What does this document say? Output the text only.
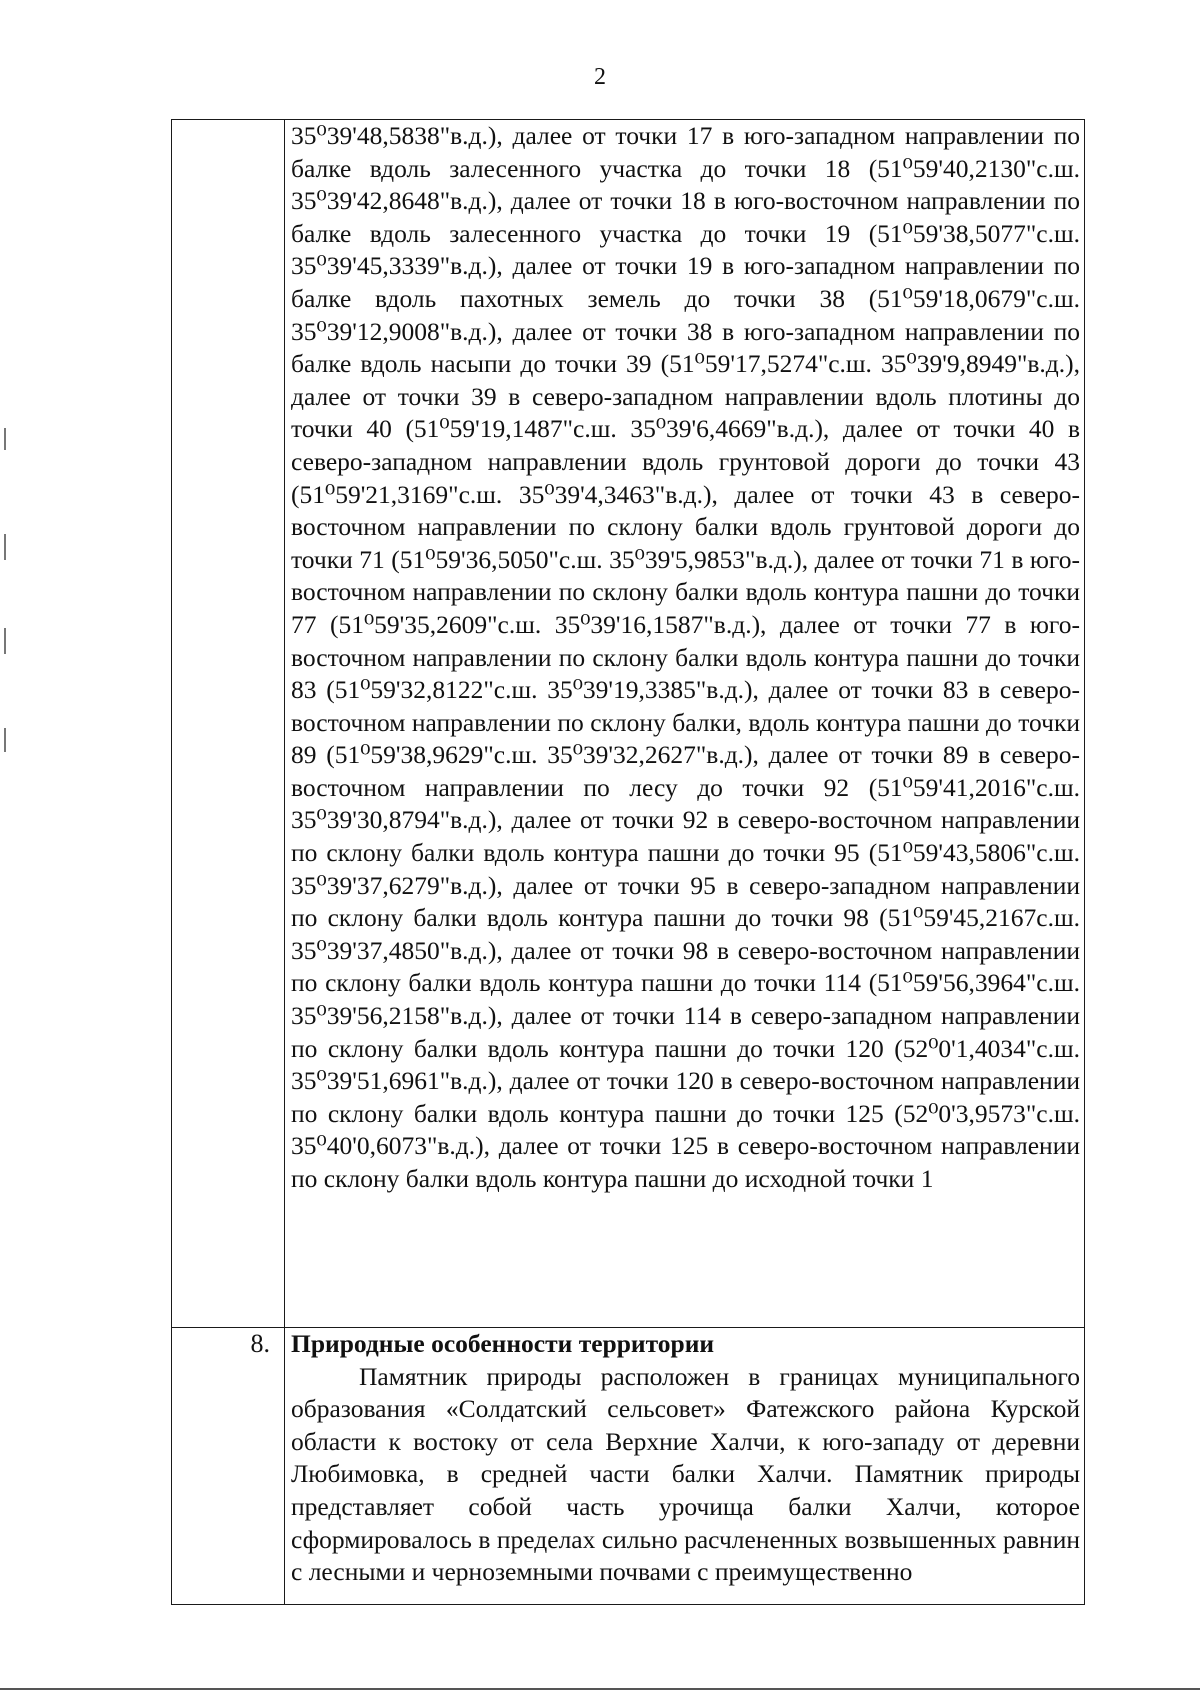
2

	35⁰39'48,5838"в.д.), далее от точки 17 в юго-западном направлении по балке вдоль залесенного участка до точки 18 (51⁰59'40,2130"с.ш. 35⁰39'42,8648"в.д.), далее от точки 18 в юго-восточном направлении по балке вдоль залесенного участка до точки 19 (51⁰59'38,5077"с.ш. 35⁰39'45,3339"в.д.), далее от точки 19 в юго-западном направлении по балке вдоль пахотных земель до точки 38 (51⁰59'18,0679"с.ш. 35⁰39'12,9008"в.д.), далее от точки 38 в юго-западном направлении по балке вдоль насыпи до точки 39 (51⁰59'17,5274"с.ш. 35⁰39'9,8949"в.д.), далее от точки 39 в северо-западном направлении вдоль плотины до точки 40 (51⁰59'19,1487"с.ш. 35⁰39'6,4669"в.д.), далее от точки 40 в северо-западном направлении вдоль грунтовой дороги до точки 43 (51⁰59'21,3169"с.ш. 35⁰39'4,3463"в.д.), далее от точки 43 в северо-восточном направлении по склону балки вдоль грунтовой дороги до точки 71 (51⁰59'36,5050"с.ш. 35⁰39'5,9853"в.д.), далее от точки 71 в юго-восточном направлении по склону балки вдоль контура пашни до точки 77 (51⁰59'35,2609"с.ш. 35⁰39'16,1587"в.д.), далее от точки 77 в юго-восточном направлении по склону балки вдоль контура пашни до точки 83 (51⁰59'32,8122"с.ш. 35⁰39'19,3385"в.д.), далее от точки 83 в северо-восточном направлении по склону балки, вдоль контура пашни до точки 89 (51⁰59'38,9629"с.ш. 35⁰39'32,2627"в.д.), далее от точки 89 в северо-восточном направлении по лесу до точки 92 (51⁰59'41,2016"с.ш. 35⁰39'30,8794"в.д.), далее от точки 92 в северо-восточном направлении по склону балки вдоль контура пашни до точки 95 (51⁰59'43,5806"с.ш. 35⁰39'37,6279"в.д.), далее от точки 95 в северо-западном направлении по склону балки вдоль контура пашни до точки 98 (51⁰59'45,2167с.ш. 35⁰39'37,4850"в.д.), далее от точки 98 в северо-восточном направлении по склону балки вдоль контура пашни до точки 114 (51⁰59'56,3964"с.ш. 35⁰39'56,2158"в.д.), далее от точки 114 в северо-западном направлении по склону балки вдоль контура пашни до точки 120 (52⁰0'1,4034"с.ш. 35⁰39'51,6961"в.д.), далее от точки 120 в северо-восточном направлении по склону балки вдоль контура пашни до точки 125 (52⁰0'3,9573"с.ш. 35⁰40'0,6073"в.д.), далее от точки 125 в северо-восточном направлении по склону балки вдоль контура пашни до исходной точки 1

8.	Природные особенности территории

Памятник природы расположен в границах муниципального образования «Солдатский сельсовет» Фатежского района Курской области к востоку от села Верхние Халчи, к юго-западу от деревни Любимовка, в средней части балки Халчи. Памятник природы представляет собой часть урочища балки Халчи, которое сформировалось в пределах сильно расчлененных возвышенных равнин с лесными и черноземными почвами с преимущественно
